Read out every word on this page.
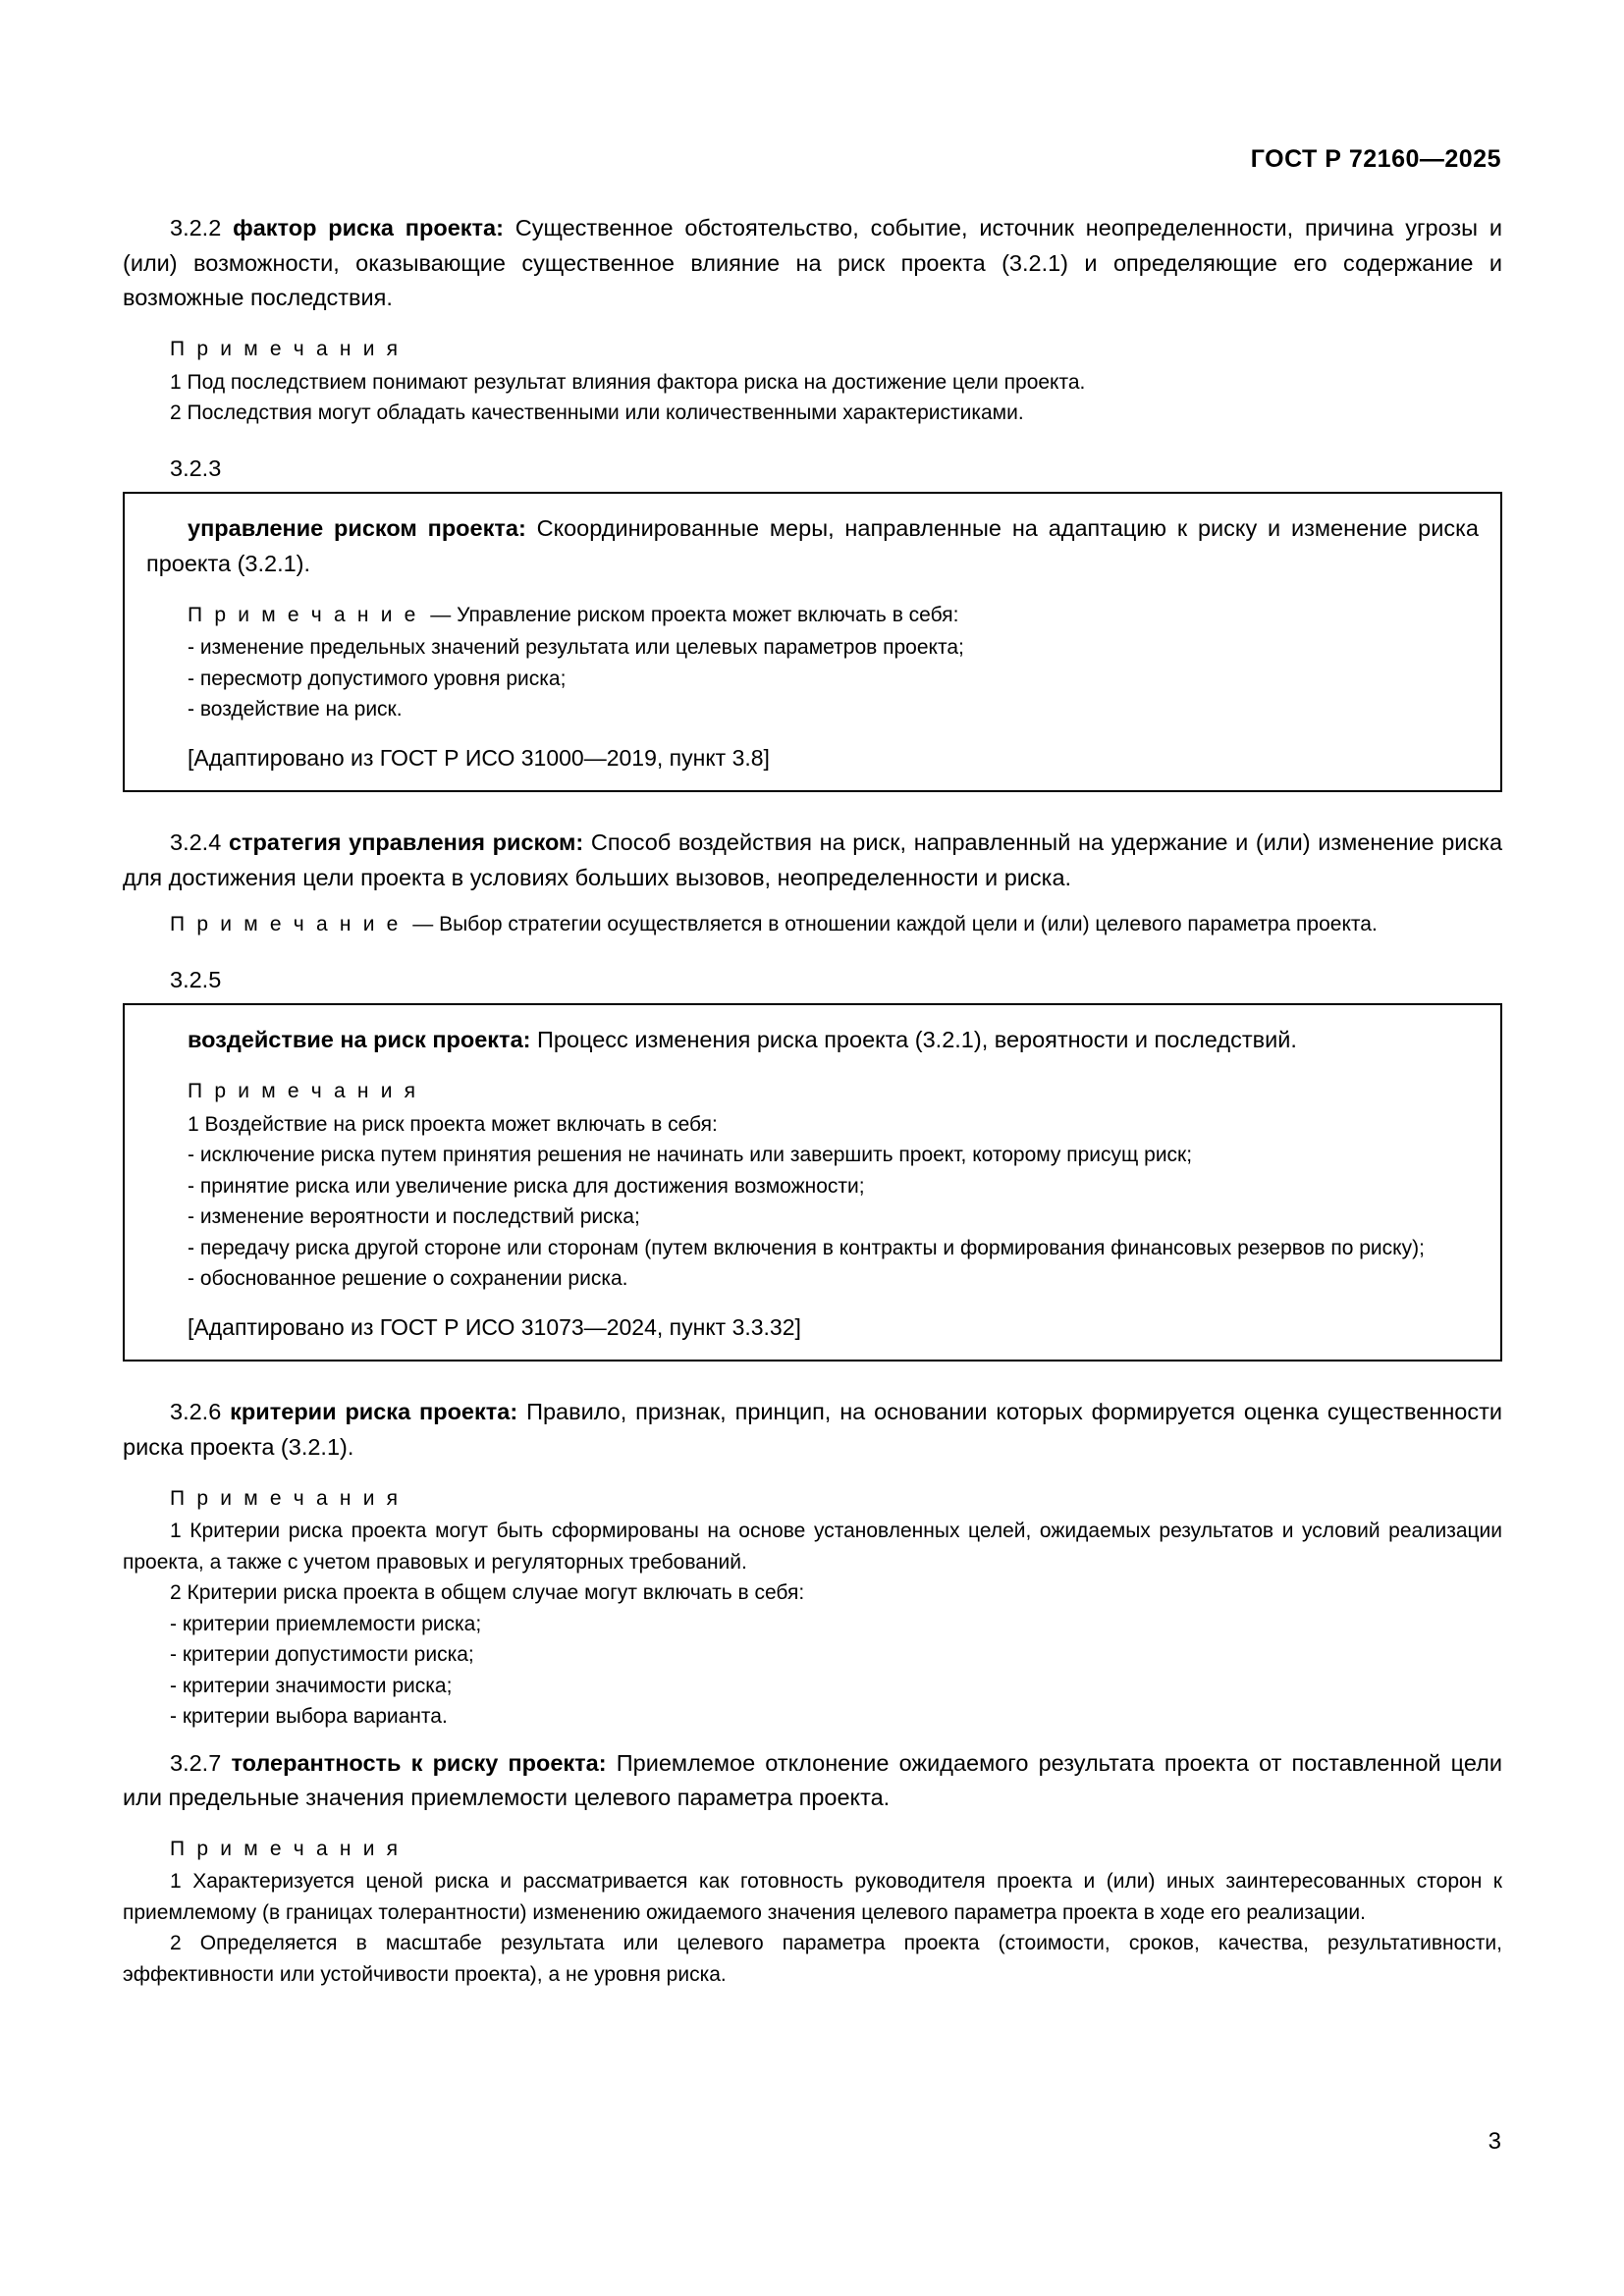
ГОСТ Р 72160—2025

3.2.2 фактор риска проекта: Существенное обстоятельство, событие, источник неопределенности, причина угрозы и (или) возможности, оказывающие существенное влияние на риск проекта (3.2.1) и определяющие его содержание и возможные последствия.

П р и м е ч а н и я

1 Под последствием понимают результат влияния фактора риска на достижение цели проекта.

2 Последствия могут обладать качественными или количественными характеристиками.

3.2.3

управление риском проекта: Скоординированные меры, направленные на адаптацию к риску и изменение риска проекта (3.2.1).

П р и м е ч а н и е — Управление риском проекта может включать в себя:

- изменение предельных значений результата или целевых параметров проекта;

- пересмотр допустимого уровня риска;

- воздействие на риск.

[Адаптировано из ГОСТ Р ИСО 31000—2019, пункт 3.8]

3.2.4 стратегия управления риском: Способ воздействия на риск, направленный на удержание и (или) изменение риска для достижения цели проекта в условиях больших вызовов, неопределенности и риска.

П р и м е ч а н и е — Выбор стратегии осуществляется в отношении каждой цели и (или) целевого параметра проекта.

3.2.5

воздействие на риск проекта: Процесс изменения риска проекта (3.2.1), вероятности и последствий.

П р и м е ч а н и я

1 Воздействие на риск проекта может включать в себя:

- исключение риска путем принятия решения не начинать или завершить проект, которому присущ риск;

- принятие риска или увеличение риска для достижения возможности;

- изменение вероятности и последствий риска;

- передачу риска другой стороне или сторонам (путем включения в контракты и формирования финансовых резервов по риску);

- обоснованное решение о сохранении риска.

[Адаптировано из ГОСТ Р ИСО 31073—2024, пункт 3.3.32]

3.2.6 критерии риска проекта: Правило, признак, принцип, на основании которых формируется оценка существенности риска проекта (3.2.1).

П р и м е ч а н и я

1 Критерии риска проекта могут быть сформированы на основе установленных целей, ожидаемых результатов и условий реализации проекта, а также с учетом правовых и регуляторных требований.

2 Критерии риска проекта в общем случае могут включать в себя:

- критерии приемлемости риска;

- критерии допустимости риска;

- критерии значимости риска;

- критерии выбора варианта.

3.2.7 толерантность к риску проекта: Приемлемое отклонение ожидаемого результата проекта от поставленной цели или предельные значения приемлемости целевого параметра проекта.

П р и м е ч а н и я

1 Характеризуется ценой риска и рассматривается как готовность руководителя проекта и (или) иных заинтересованных сторон к приемлемому (в границах толерантности) изменению ожидаемого значения целевого параметра проекта в ходе его реализации.

2 Определяется в масштабе результата или целевого параметра проекта (стоимости, сроков, качества, результативности, эффективности или устойчивости проекта), а не уровня риска.

3
